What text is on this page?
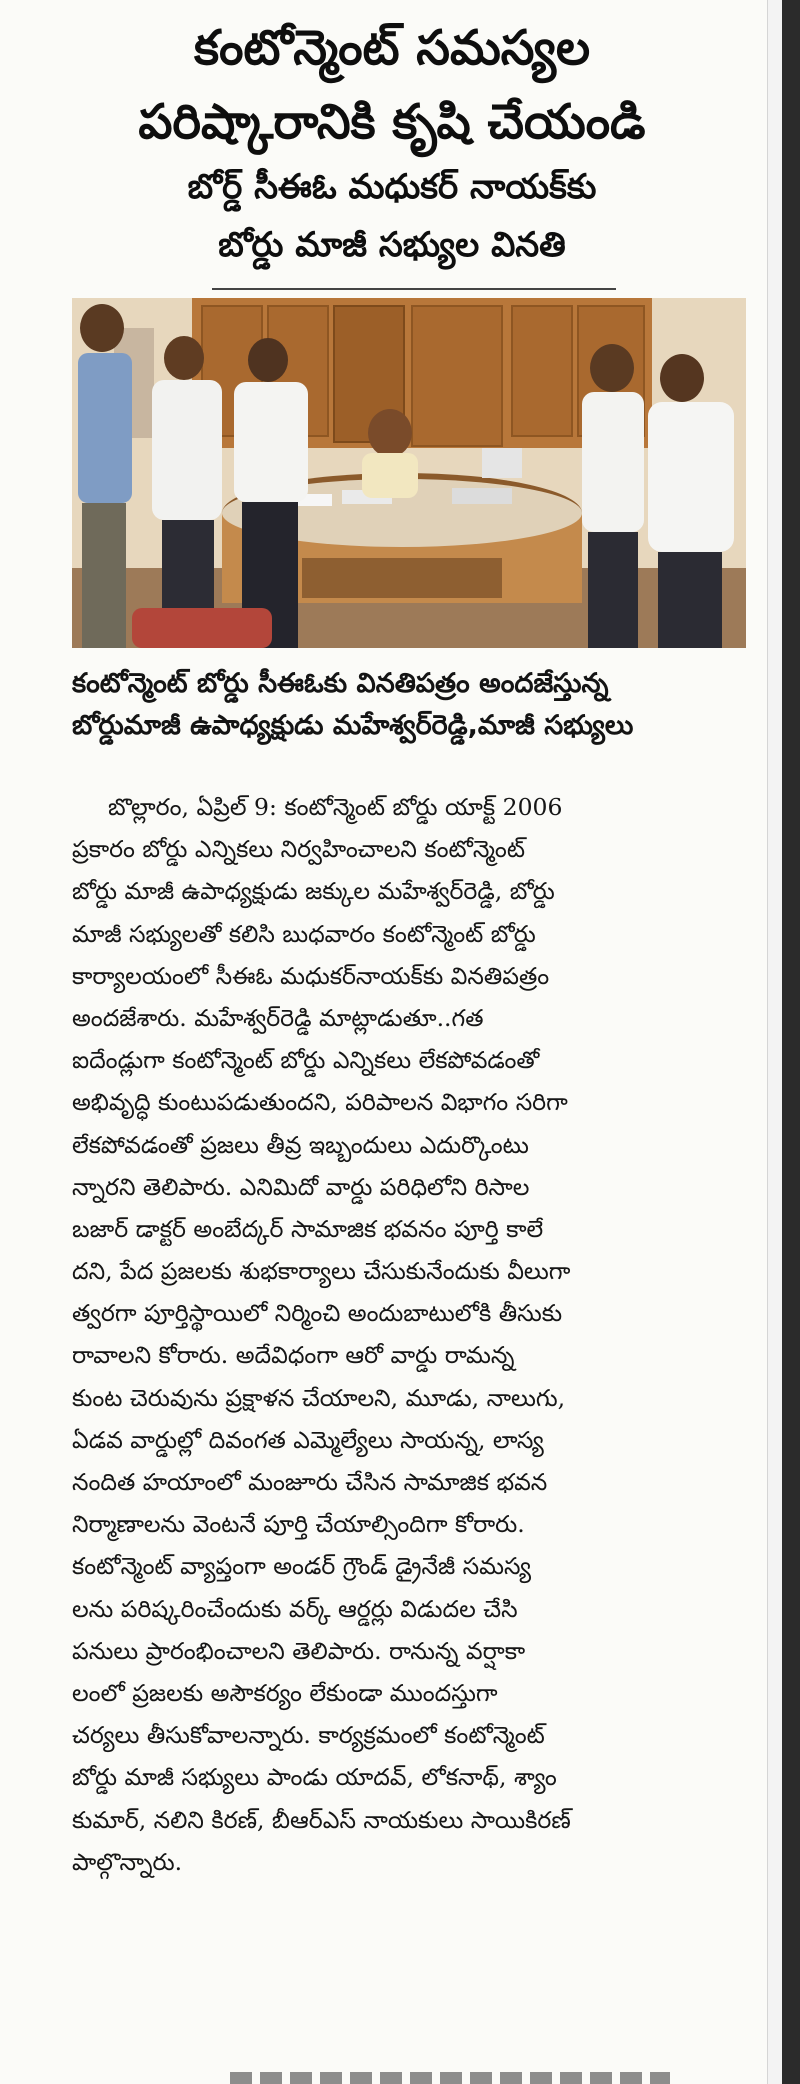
కంటోన్మెంట్ సమస్యల
పరిష్కారానికి కృషి చేయండి
బోర్డ్ సీఈఓ మధుకర్ నాయక్‌కు
బోర్డు మాజీ సభ్యుల వినతి
కంటోన్మెంట్ బోర్డు సీఈఓకు వినతిపత్రం అందజేస్తున్న
బోర్డుమాజీ ఉపాధ్యక్షుడు మహేశ్వర్‌రెడ్డి,మాజీ సభ్యులు
బొల్లారం, ఏప్రిల్ 9: కంటోన్మెంట్ బోర్డు యాక్ట్ 2006
ప్రకారం బోర్డు ఎన్నికలు నిర్వహించాలని కంటోన్మెంట్
బోర్డు మాజీ ఉపాధ్యక్షుడు జక్కుల మహేశ్వర్‌రెడ్డి, బోర్డు
మాజీ సభ్యులతో కలిసి బుధవారం కంటోన్మెంట్ బోర్డు
కార్యాలయంలో సీఈఓ మధుకర్‌నాయక్‌కు వినతిపత్రం
అందజేశారు. మహేశ్వర్‌రెడ్డి మాట్లాడుతూ..గత
ఐదేండ్లుగా కంటోన్మెంట్ బోర్డు ఎన్నికలు లేకపోవడంతో
అభివృద్ధి కుంటుపడుతుందని, పరిపాలన విభాగం సరిగా
లేకపోవడంతో ప్రజలు తీవ్ర ఇబ్బందులు ఎదుర్కొంటు
న్నారని తెలిపారు. ఎనిమిదో వార్డు పరిధిలోని రిసాల
బజార్ డాక్టర్ అంబేద్కర్ సామాజిక భవనం పూర్తి కాలే
దని, పేద ప్రజలకు శుభకార్యాలు చేసుకునేందుకు వీలుగా
త్వరగా పూర్తిస్థాయిలో నిర్మించి అందుబాటులోకి తీసుకు
రావాలని కోరారు. అదేవిధంగా ఆరో వార్డు రామన్న
కుంట చెరువును ప్రక్షాళన చేయాలని, మూడు, నాలుగు,
ఏడవ వార్డుల్లో దివంగత ఎమ్మెల్యేలు సాయన్న, లాస్య
నందిత హయాంలో మంజూరు చేసిన సామాజిక భవన
నిర్మాణాలను వెంటనే పూర్తి చేయాల్సిందిగా కోరారు.
కంటోన్మెంట్ వ్యాప్తంగా అండర్ గ్రౌండ్ డ్రైనేజీ సమస్య
లను పరిష్కరించేందుకు వర్క్ ఆర్డర్లు విడుదల చేసి
పనులు ప్రారంభించాలని తెలిపారు. రానున్న వర్షాకా
లంలో ప్రజలకు అసౌకర్యం లేకుండా ముందస్తుగా
చర్యలు తీసుకోవాలన్నారు. కార్యక్రమంలో కంటోన్మెంట్
బోర్డు మాజీ సభ్యులు పాండు యాదవ్, లోకనాథ్, శ్యాం
కుమార్, నలిని కిరణ్, బీఆర్ఎస్ నాయకులు సాయికిరణ్
పాల్గొన్నారు.
